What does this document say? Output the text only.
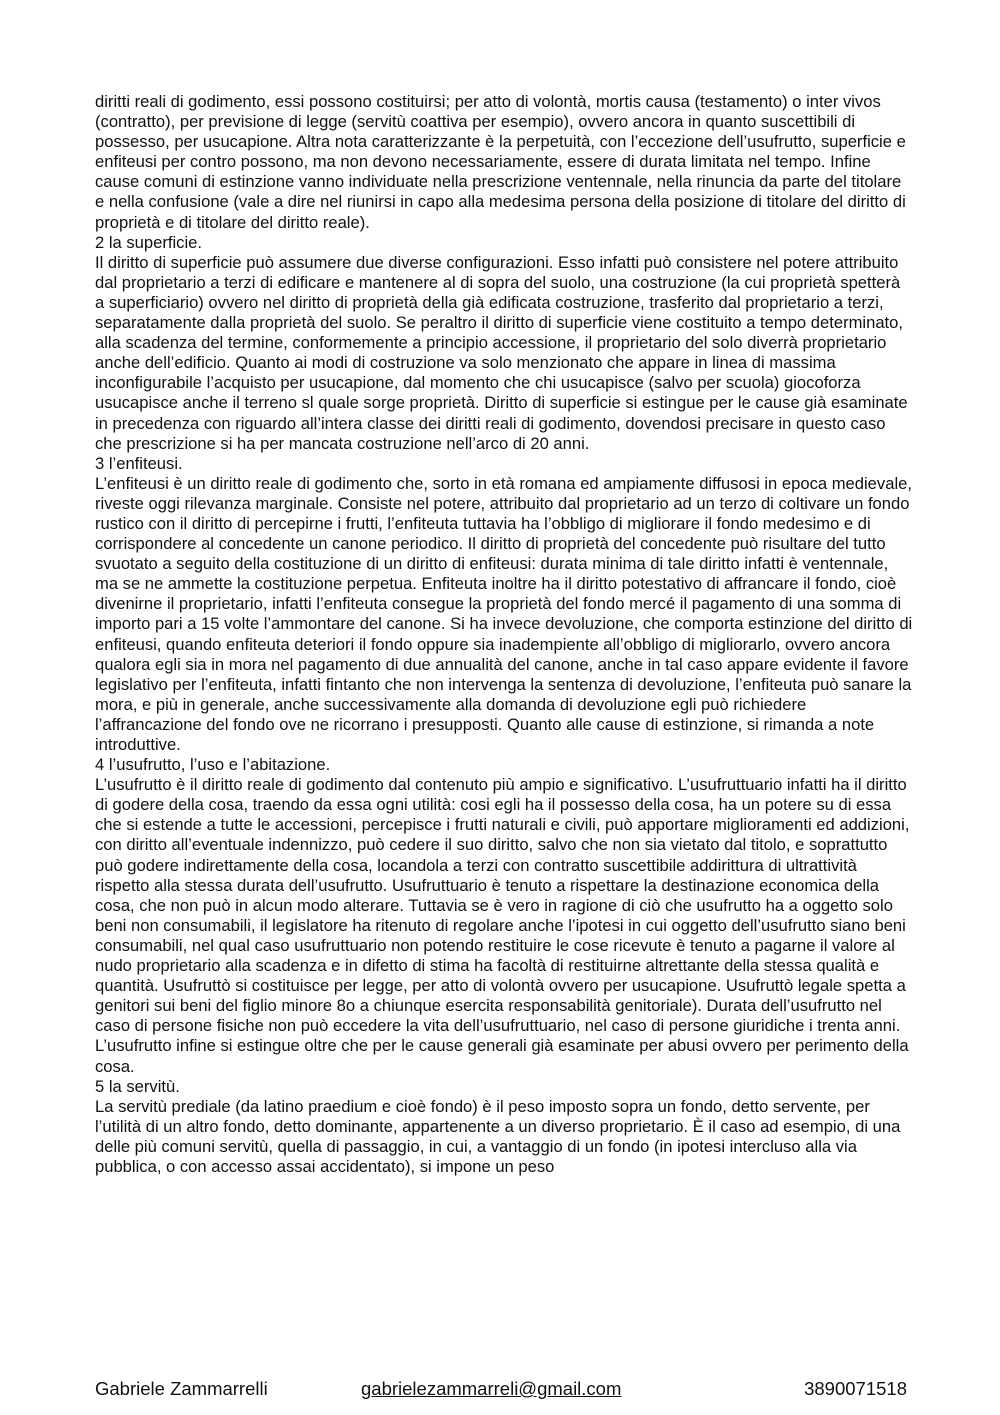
diritti reali di godimento, essi possono costituirsi; per atto di volontà, mortis causa (testamento) o inter vivos (contratto), per previsione di legge (servitù coattiva per esempio), ovvero ancora in quanto suscettibili di possesso, per usucapione. Altra nota caratterizzante è la perpetuità, con l’eccezione dell’usufrutto, superficie e enfiteusi per contro possono, ma non devono necessariamente, essere di durata limitata nel tempo. Infine cause comuni di estinzione vanno individuate nella prescrizione ventennale, nella rinuncia da parte del titolare e nella confusione (vale a dire nel riunirsi in capo alla medesima persona della posizione di titolare del diritto di proprietà e di titolare del diritto reale).

2 la superficie.

Il diritto di superficie può assumere due diverse configurazioni. Esso infatti può consistere nel potere attribuito dal proprietario a terzi di edificare e mantenere al di sopra del suolo, una costruzione (la cui proprietà spetterà a superficiario) ovvero nel diritto di proprietà della già edificata costruzione, trasferito dal proprietario a terzi, separatamente dalla proprietà del suolo. Se peraltro il diritto di superficie viene costituito a tempo determinato, alla scadenza del termine, conformemente a principio accessione, il proprietario del solo diverrà proprietario anche dell’edificio. Quanto ai modi di costruzione va solo menzionato che appare in linea di massima inconfigurabile l’acquisto per usucapione, dal momento che chi usucapisce (salvo per scuola) giocoforza usucapisce anche il terreno sl quale sorge proprietà. Diritto di superficie si estingue per le cause già esaminate in precedenza con riguardo all’intera classe dei diritti reali di godimento, dovendosi precisare in questo caso che prescrizione si ha per mancata costruzione nell’arco di 20 anni.

3 l’enfiteusi.

L’enfiteusi è un diritto reale di godimento che, sorto in età romana ed ampiamente diffusosi in epoca medievale, riveste oggi rilevanza marginale. Consiste nel potere, attribuito dal proprietario ad un terzo di coltivare un fondo rustico con il diritto di percepirne i frutti, l’enfiteuta tuttavia ha l’obbligo di migliorare il fondo medesimo e di corrispondere al concedente un canone periodico. Il diritto di proprietà del concedente può risultare del tutto svuotato a seguito della costituzione di un diritto di enfiteusi: durata minima di tale diritto infatti è ventennale, ma se ne ammette la costituzione perpetua. Enfiteuta inoltre ha il diritto potestativo di affrancare il fondo, cioè divenirne il proprietario, infatti l’enfiteuta consegue la proprietà del fondo mercé il pagamento di una somma di importo pari a 15 volte l’ammontare del canone. Si ha invece devoluzione, che comporta estinzione del diritto di enfiteusi, quando enfiteuta deteriori il fondo oppure sia inadempiente all’obbligo di migliorarlo, ovvero ancora qualora egli sia in mora nel pagamento di due annualità del canone, anche in tal caso appare evidente il favore legislativo per l’enfiteuta, infatti fintanto che non intervenga la sentenza di devoluzione, l’enfiteuta può sanare la mora, e più in generale, anche successivamente alla domanda di devoluzione egli può richiedere l’affrancazione del fondo ove ne ricorrano i presupposti. Quanto alle cause di estinzione, si rimanda a note introduttive.

4 l’usufrutto, l’uso e l’abitazione.

L’usufrutto è il diritto reale di godimento dal contenuto più ampio e significativo. L’usufruttuario infatti ha il diritto di godere della cosa, traendo da essa ogni utilità: cosi egli ha il possesso della cosa, ha un potere su di essa che si estende a tutte le accessioni, percepisce i frutti naturali e civili, può apportare miglioramenti ed addizioni, con diritto all’eventuale indennizzo, può cedere il suo diritto, salvo che non sia vietato dal titolo, e soprattutto può godere indirettamente della cosa, locandola a terzi con contratto suscettibile addirittura di ultrattività rispetto alla stessa durata dell’usufrutto. Usufruttuario è tenuto a rispettare la destinazione economica della cosa, che non può in alcun modo alterare. Tuttavia se è vero in ragione di ciò che usufrutto ha a oggetto solo beni non consumabili, il legislatore ha ritenuto di regolare anche l’ipotesi in cui oggetto dell’usufrutto siano beni consumabili, nel qual caso usufruttuario non potendo restituire le cose ricevute è tenuto a pagarne il valore al nudo proprietario alla scadenza e in difetto di stima ha facoltà di restituirne altrettante della stessa qualità e quantità. Usufruttò si costituisce per legge, per atto di volontà ovvero per usucapione. Usufruttò legale spetta a genitori sui beni del figlio minore 8o a chiunque esercita responsabilità genitoriale). Durata dell’usufrutto nel caso di persone fisiche non può eccedere la vita dell’usufruttuario, nel caso di persone giuridiche i trenta anni. L’usufrutto infine si estingue oltre che per le cause generali già esaminate per abusi ovvero per perimento della cosa.

5 la servitù.

La servitù prediale (da latino praedium e cioè fondo) è il peso imposto sopra un fondo, detto servente, per l’utilità di un altro fondo, detto dominante, appartenente a un diverso proprietario. È il caso ad esempio, di una delle più comuni servitù, quella di passaggio, in cui, a vantaggio di un fondo (in ipotesi intercluso alla via pubblica, o con accesso assai accidentato), si impone un peso

Gabriele Zammarrelli	gabrielezammarreli@gmail.com	3890071518
